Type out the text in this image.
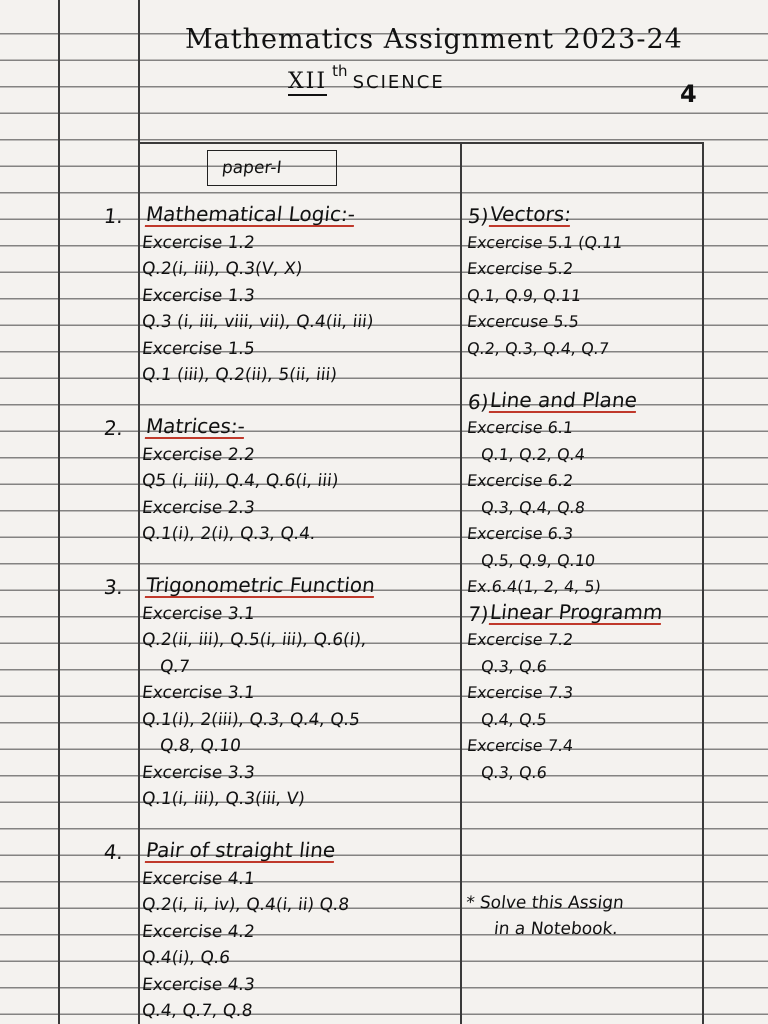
Mathematics Assignment 2023-24
XII th SCIENCE	4
paper-I
1. Mathematical Logic:-
Excercise 1.2
Q.2(i, iii), Q.3(V, X)
Excercise 1.3
Q.3 (i, iii, viii, vii), Q.4(ii, iii)
Excercise 1.5
Q.1 (iii), Q.2(ii), 5(ii, iii)
2. Matrices:-
Excercise 2.2
Q5 (i, iii), Q.4, Q.6(i, iii)
Excercise 2.3
Q.1(i), 2(i), Q.3, Q.4.
3. Trigonometric Function
Excercise 3.1
Q.2(ii, iii), Q.5(i, iii), Q.6(i),
Q.7
Excercise 3.1
Q.1(i), 2(iii), Q.3, Q.4, Q.5
Q.8, Q.10
Excercise 3.3
Q.1(i, iii), Q.3(iii, V)
4. Pair of straight line
Excercise 4.1
Q.2(i, ii, iv), Q.4(i, ii) Q.8
Excercise 4.2
Q.4(i), Q.6
Excercise 4.3
Q.4, Q.7, Q.8
5) Vectors:
Excercise 5.1 (Q.11
Excercise 5.2
Q.1, Q.9, Q.11
Excercuse 5.5
Q.2, Q.3, Q.4, Q.7
6) Line and Plane
Excercise 6.1
Q.1, Q.2, Q.4
Excercise 6.2
Q.3, Q.4, Q.8
Excercise 6.3
Q.5, Q.9, Q.10
Ex.6.4(1, 2, 4, 5)
7) Linear Programm
Excercise 7.2
Q.3, Q.6
Excercise 7.3
Q.4, Q.5
Excercise 7.4
Q.3, Q.6
* Solve this Assign
in a Notebook.
